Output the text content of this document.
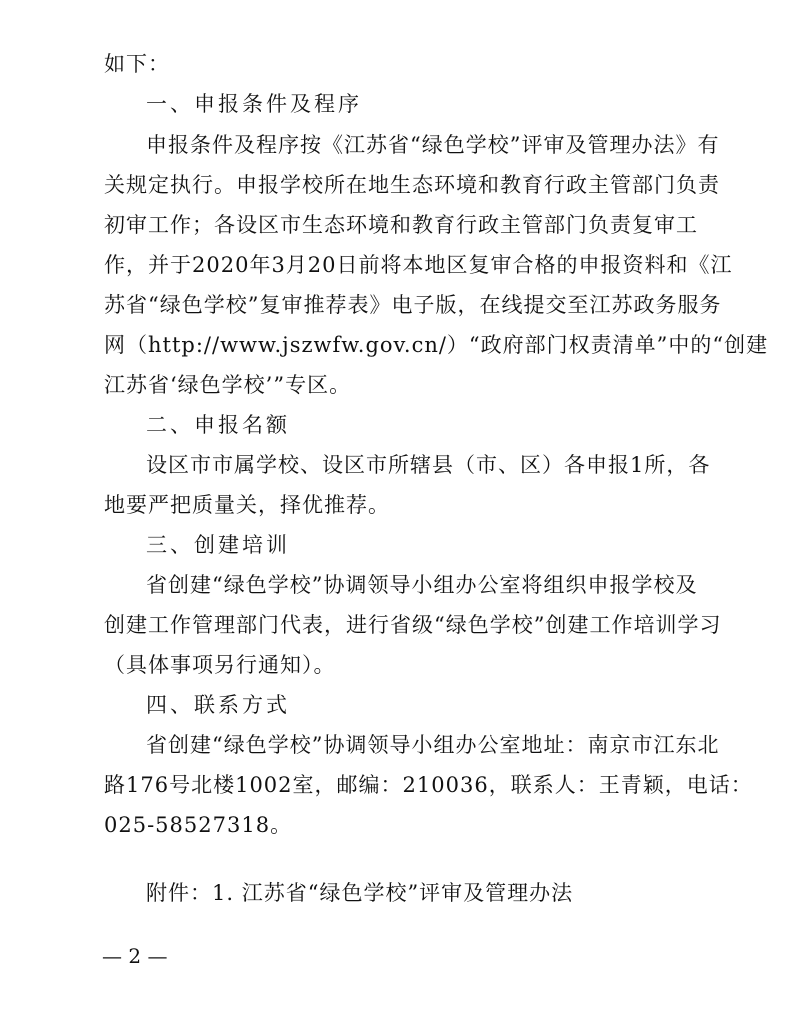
如下：
一、申报条件及程序
申报条件及程序按《江苏省“绿色学校”评审及管理办法》有
关规定执行。申报学校所在地生态环境和教育行政主管部门负责
初审工作；各设区市生态环境和教育行政主管部门负责复审工
作，并于2020年3月20日前将本地区复审合格的申报资料和《江
苏省“绿色学校”复审推荐表》电子版，在线提交至江苏政务服务
网（http://www.jszwfw.gov.cn/）“政府部门权责清单”中的“创建
江苏省‘绿色学校’”专区。
二、申报名额
设区市市属学校、设区市所辖县（市、区）各申报1所，各
地要严把质量关，择优推荐。
三、创建培训
省创建“绿色学校”协调领导小组办公室将组织申报学校及
创建工作管理部门代表，进行省级“绿色学校”创建工作培训学习
（具体事项另行通知）。
四、联系方式
省创建“绿色学校”协调领导小组办公室地址：南京市江东北
路176号北楼1002室，邮编：210036，联系人：王青颖，电话：
025-58527318。
附件：1. 江苏省“绿色学校”评审及管理办法
— 2 —
